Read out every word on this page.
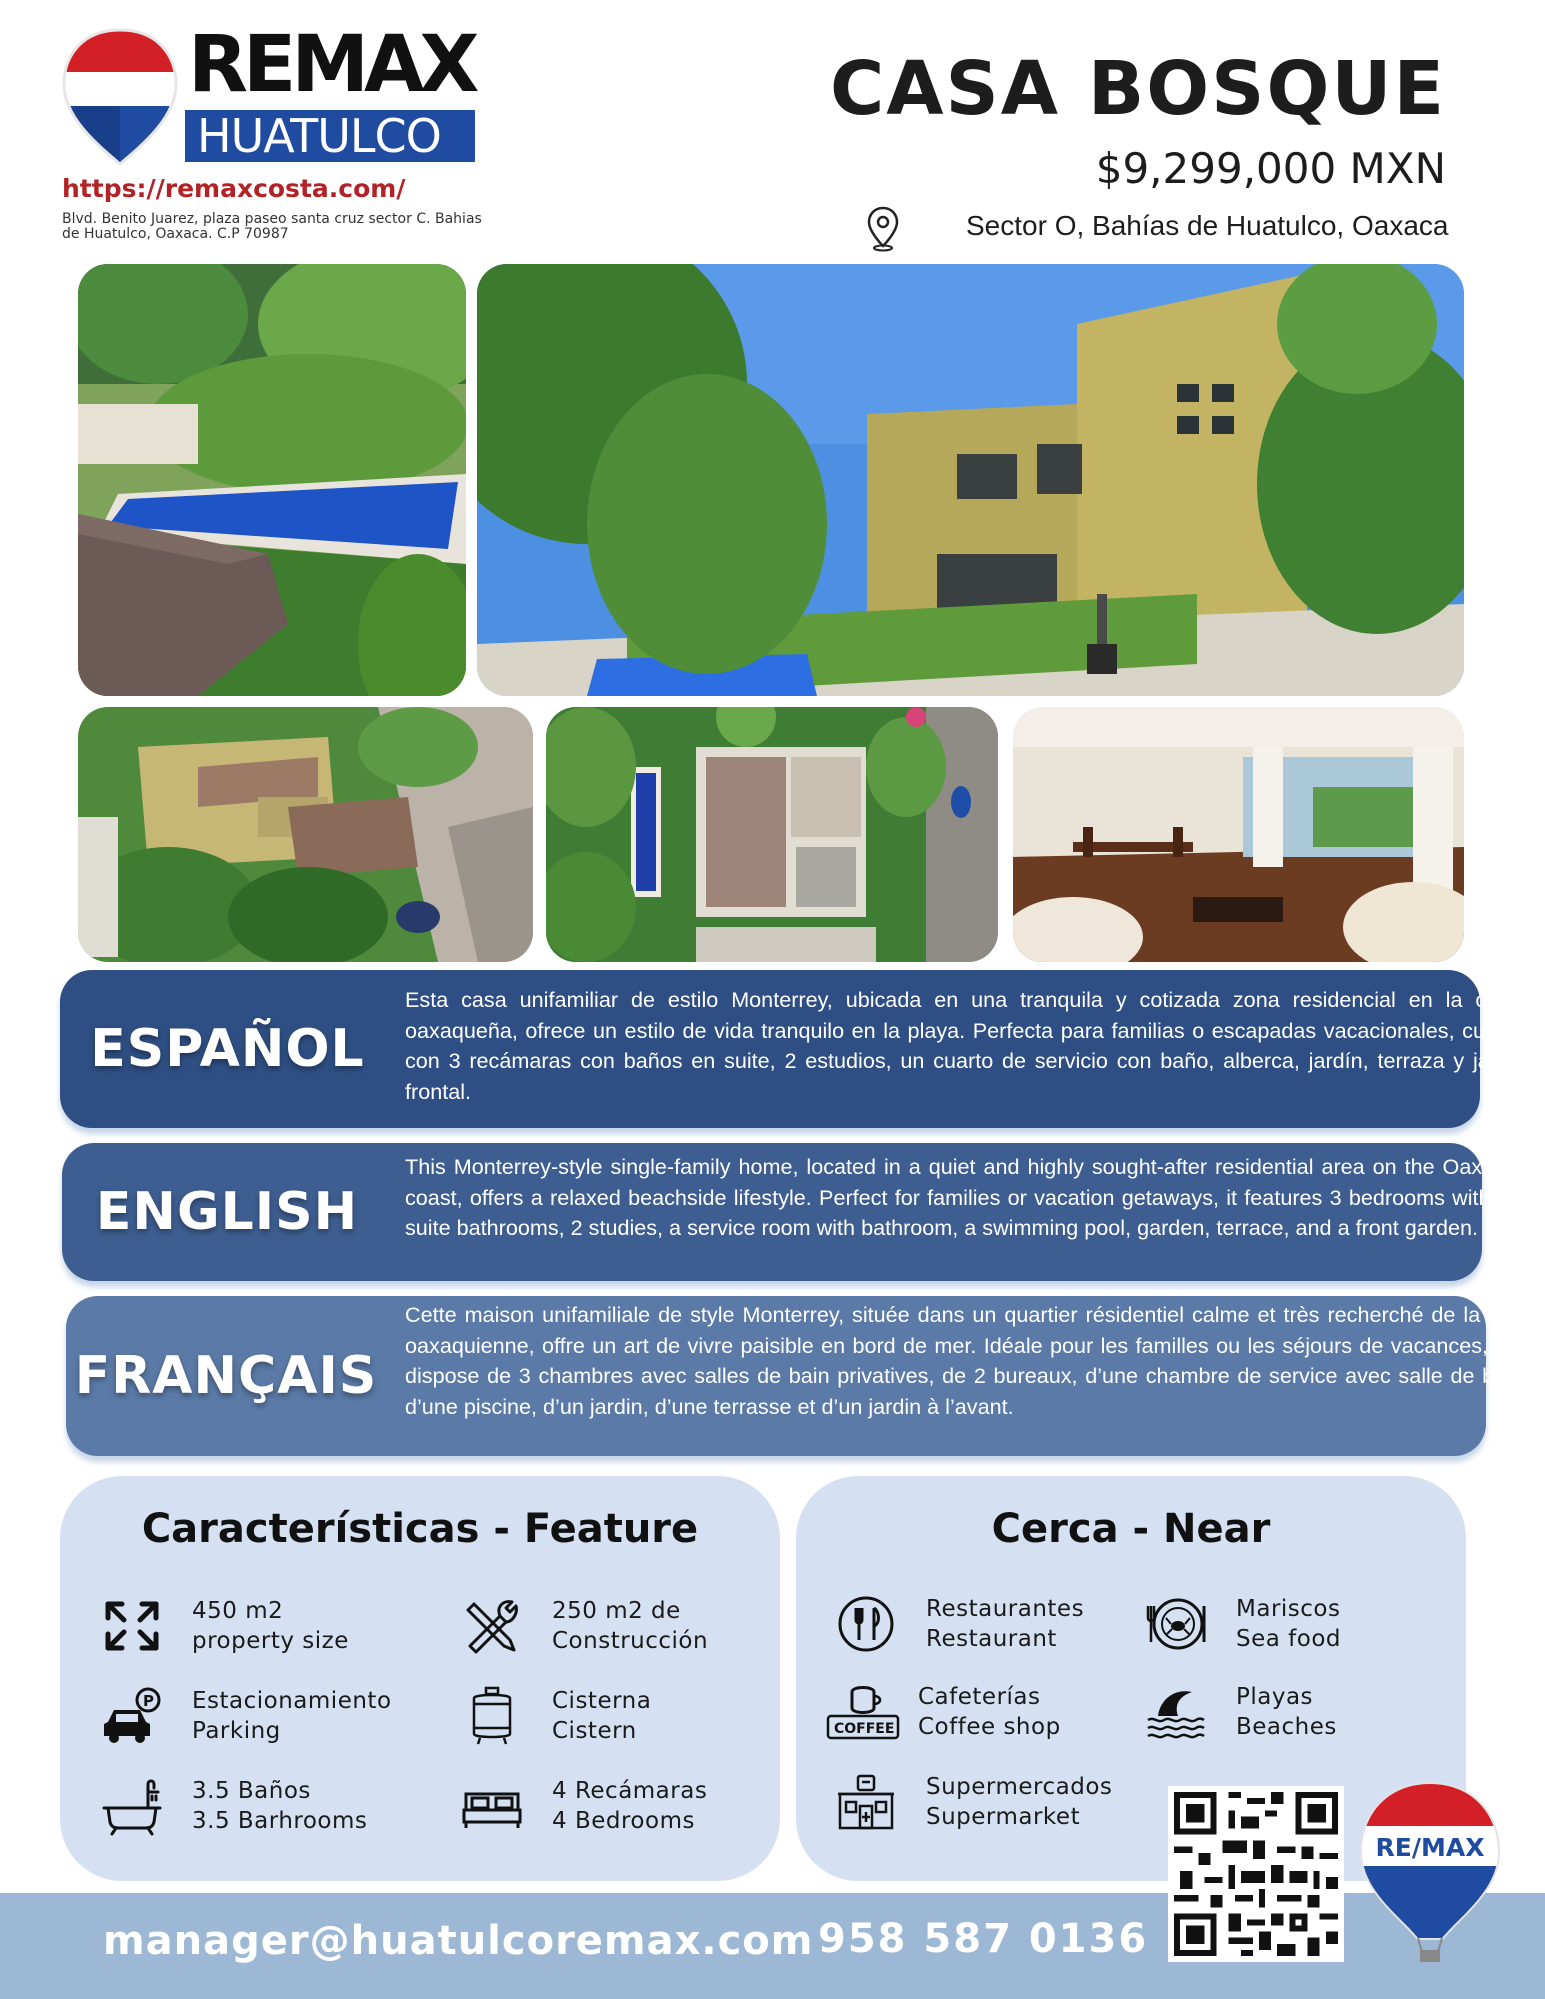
REMAX
HUATULCO
https://remaxcosta.com/
Blvd. Benito Juarez, plaza paseo santa cruz sector C. Bahias de Huatulco, Oaxaca. C.P 70987
CASA BOSQUE
$9,299,000 MXN
Sector O, Bahías de Huatulco, Oaxaca
ESPAÑOL
Esta casa unifamiliar de estilo Monterrey, ubicada en una tranquila y cotizada zona residencial en la costa oaxaqueña, ofrece un estilo de vida tranquilo en la playa. Perfecta para familias o escapadas vacacionales, cuenta con 3 recámaras con baños en suite, 2 estudios, un cuarto de servicio con baño, alberca, jardín, terraza y jardín frontal.
ENGLISH
This Monterrey-style single-family home, located in a quiet and highly sought-after residential area on the Oaxacan coast, offers a relaxed beachside lifestyle. Perfect for families or vacation getaways, it features 3 bedrooms with en-suite bathrooms, 2 studies, a service room with bathroom, a swimming pool, garden, terrace, and a front garden.
FRANÇAIS
Cette maison unifamiliale de style Monterrey, située dans un quartier résidentiel calme et très recherché de la côte oaxaquienne, offre un art de vivre paisible en bord de mer. Idéale pour les familles ou les séjours de vacances, elle dispose de 3 chambres avec salles de bain privatives, de 2 bureaux, d’une chambre de service avec salle de bain, d’une piscine, d’un jardin, d’une terrasse et d’un jardin à l’avant.
Características - Feature
450 m2
property size
250 m2 de
Construcción
P Estacionamiento
Parking
Cisterna
Cistern
3.5 Baños
3.5 Barhrooms
4 Recámaras
4 Bedrooms
Cerca - Near
Restaurantes
Restaurant
Mariscos
Sea food
COFFEE
Cafeterías
Coffee shop
Playas
Beaches
Supermercados
Supermarket
manager@huatulcoremax.com 958 587 0136
RE/MAX
